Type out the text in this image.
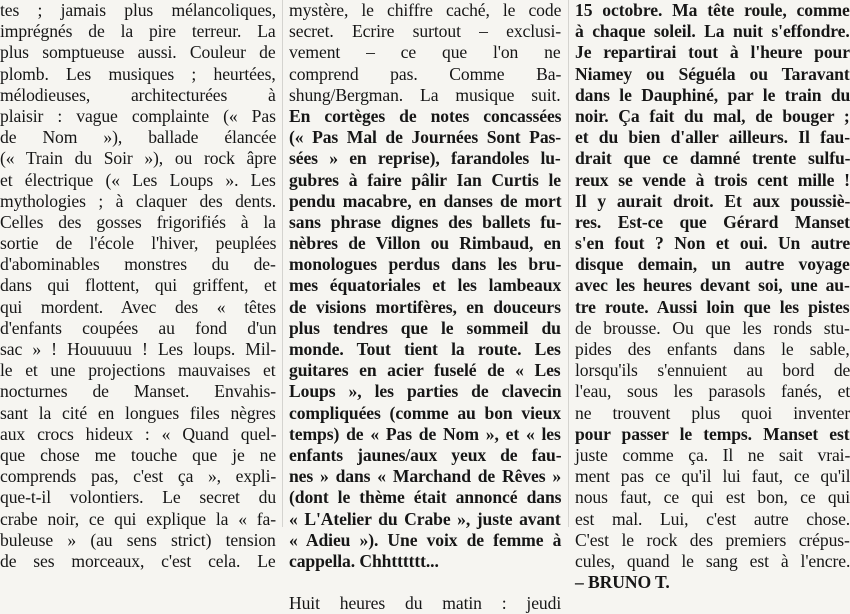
tes ; jamais plus mélancoliques,
imprégnés de la pire terreur. La
plus somptueuse aussi. Couleur de
plomb. Les musiques ; heurtées,
mélodieuses, architecturées à
plaisir : vague complainte (« Pas
de Nom »), ballade élancée
(« Train du Soir »), ou rock âpre
et électrique (« Les Loups ». Les
mythologies ; à claquer des dents.
Celles des gosses frigorifiés à la
sortie de l'école l'hiver, peuplées
d'abominables monstres du de-
dans qui flottent, qui griffent, et
qui mordent. Avec des « têtes
d'enfants coupées au fond d'un
sac » ! Houuuuu ! Les loups. Mil-
le et une projections mauvaises et
nocturnes de Manset. Envahis-
sant la cité en longues files nègres
aux crocs hideux : « Quand quel-
que chose me touche que je ne
comprends pas, c'est ça », expli-
que-t-il volontiers. Le secret du
crabe noir, ce qui explique la « fa-
buleuse » (au sens strict) tension
de ses morceaux, c'est cela. Le
mystère, le chiffre caché, le code
secret. Ecrire surtout – exclusi-
vement – ce que l'on ne
comprend pas. Comme Ba-
shung/Bergman. La musique suit.
En cortèges de notes concassées
(« Pas Mal de Journées Sont Pas-
sées » en reprise), farandoles lu-
gubres à faire pâlir Ian Curtis le
pendu macabre, en danses de mort
sans phrase dignes des ballets fu-
nèbres de Villon ou Rimbaud, en
monologues perdus dans les bru-
mes équatoriales et les lambeaux
de visions mortifères, en douceurs
plus tendres que le sommeil du
monde. Tout tient la route. Les
guitares en acier fuselé de « Les
Loups », les parties de clavecin
compliquées (comme au bon vieux
temps) de « Pas de Nom », et « les
enfants jaunes/aux yeux de fau-
nes » dans « Marchand de Rêves »
(dont le thème était annoncé dans
« L'Atelier du Crabe », juste avant
« Adieu »). Une voix de femme à
cappella. Chhtttttt...
Huit heures du matin : jeudi
15 octobre. Ma tête roule, comme
à chaque soleil. La nuit s'effondre.
Je repartirai tout à l'heure pour
Niamey ou Séguéla ou Taravant
dans le Dauphiné, par le train du
noir. Ça fait du mal, de bouger ;
et du bien d'aller ailleurs. Il fau-
drait que ce damné trente sulfu-
reux se vende à trois cent mille !
Il y aurait droit. Et aux poussiè-
res. Est-ce que Gérard Manset
s'en fout ? Non et oui. Un autre
disque demain, un autre voyage
avec les heures devant soi, une au-
tre route. Aussi loin que les pistes
de brousse. Ou que les ronds stu-
pides des enfants dans le sable,
lorsqu'ils s'ennuient au bord de
l'eau, sous les parasols fanés, et
ne trouvent plus quoi inventer
pour passer le temps. Manset est
juste comme ça. Il ne sait vrai-
ment pas ce qu'il lui faut, ce qu'il
nous faut, ce qui est bon, ce qui
est mal. Lui, c'est autre chose.
C'est le rock des premiers crépus-
cules, quand le sang est à l'encre.
– BRUNO T.
